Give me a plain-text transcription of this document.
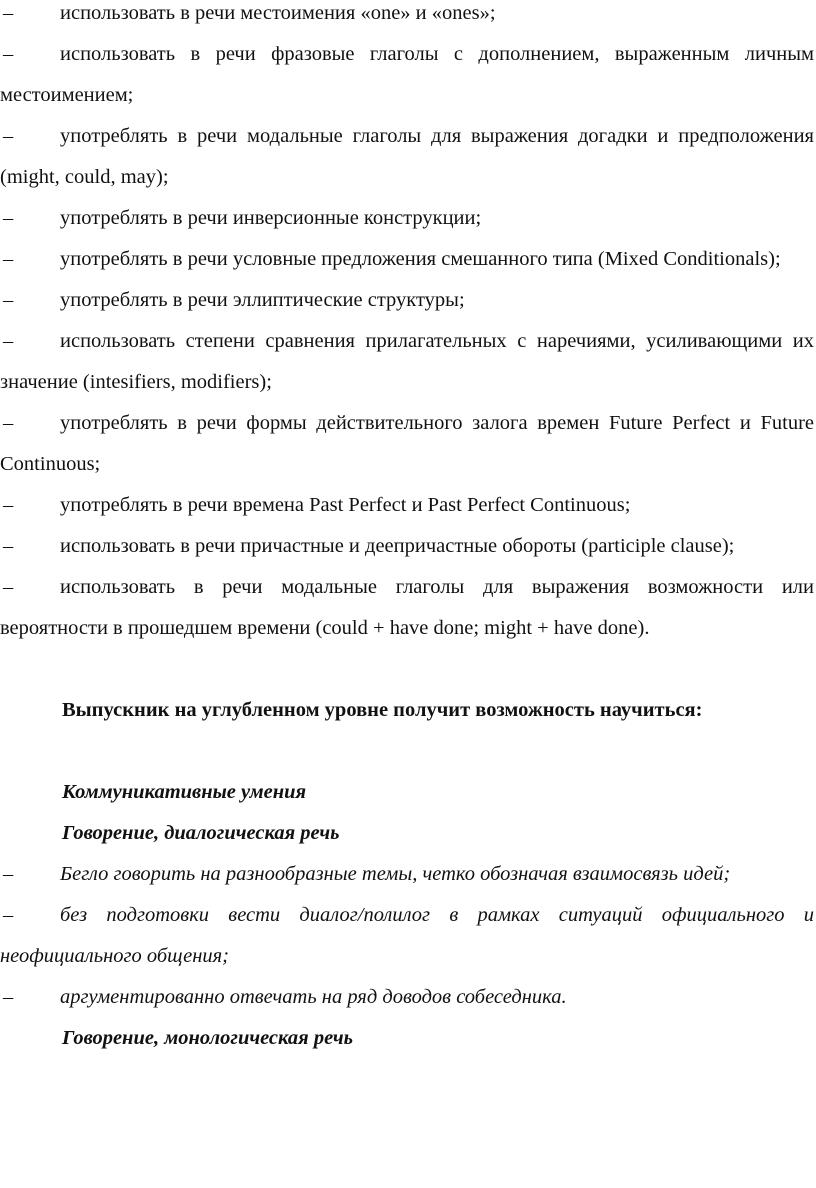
– использовать в речи местоимения «one» и «ones»;
– использовать в речи фразовые глаголы с дополнением, выраженным личным местоимением;
– употреблять в речи модальные глаголы для выражения догадки и предположения (might, could, may);
– употреблять в речи инверсионные конструкции;
– употреблять в речи условные предложения смешанного типа (Mixed Conditionals);
– употреблять в речи эллиптические структуры;
– использовать степени сравнения прилагательных с наречиями, усиливающими их значение (intesifiers, modifiers);
– употреблять в речи формы действительного залога времен Future Perfect и Future Continuous;
– употреблять в речи времена Past Perfect и Past Perfect Continuous;
– использовать в речи причастные и деепричастные обороты (participle clause);
– использовать в речи модальные глаголы для выражения возможности или вероятности в прошедшем времени (could + have done; might + have done).
Выпускник на углубленном уровне получит возможность научиться:
Коммуникативные умения
Говорение, диалогическая речь
– Бегло говорить на разнообразные темы, четко обозначая взаимосвязь идей;
– без подготовки вести диалог/полилог в рамках ситуаций официального и неофициального общения;
– аргументированно отвечать на ряд доводов собеседника.
Говорение, монологическая речь
